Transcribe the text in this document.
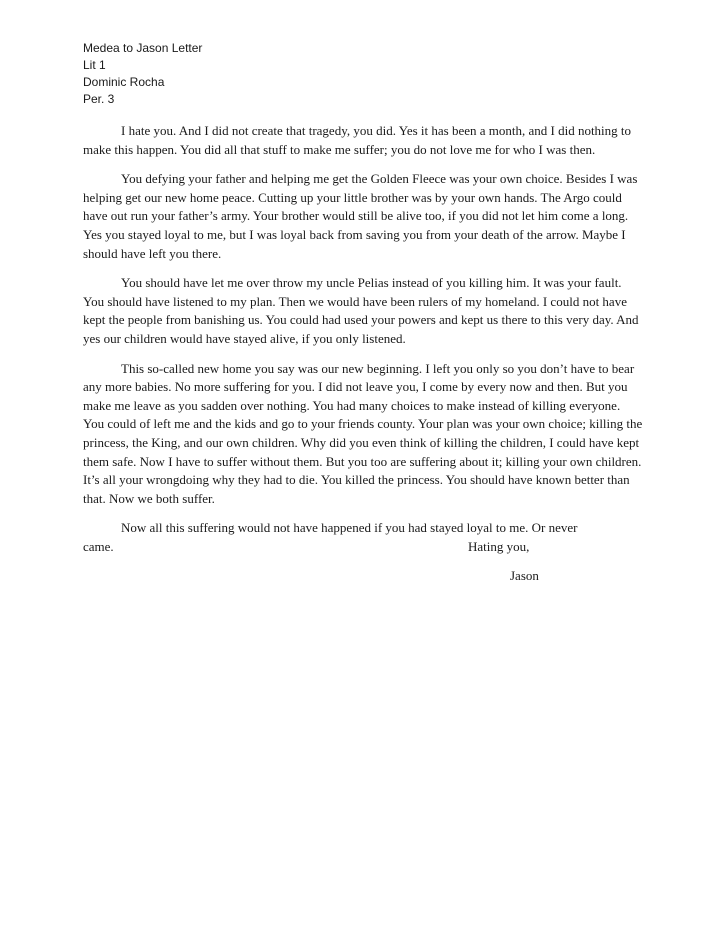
Medea to Jason Letter
Lit 1
Dominic Rocha
Per. 3

I hate you. And I did not create that tragedy, you did. Yes it has been a month, and I did nothing to make this happen. You did all that stuff to make me suffer; you do not love me for who I was then.

You defying your father and helping me get the Golden Fleece was your own choice. Besides I was helping get our new home peace. Cutting up your little brother was by your own hands. The Argo could have out run your father’s army. Your brother would still be alive too, if you did not let him come a long. Yes you stayed loyal to me, but I was loyal back from saving you from your death of the arrow. Maybe I should have left you there.

You should have let me over throw my uncle Pelias instead of you killing him. It was your fault. You should have listened to my plan. Then we would have been rulers of my homeland. I could not have kept the people from banishing us. You could had used your powers and kept us there to this very day. And yes our children would have stayed alive, if you only listened.

This so-called new home you say was our new beginning. I left you only so you don’t have to bear any more babies. No more suffering for you. I did not leave you, I come by every now and then. But you make me leave as you sadden over nothing. You had many choices to make instead of killing everyone. You could of left me and the kids and go to your friends county. Your plan was your own choice; killing the princess, the King, and our own children. Why did you even think of killing the children, I could have kept them safe. Now I have to suffer without them. But you too are suffering about it; killing your own children. It’s all your wrongdoing why they had to die. You killed the princess. You should have known better than that. Now we both suffer.

Now all this suffering would not have happened if you had stayed loyal to me. Or never

came.	Hating you,
Jason
